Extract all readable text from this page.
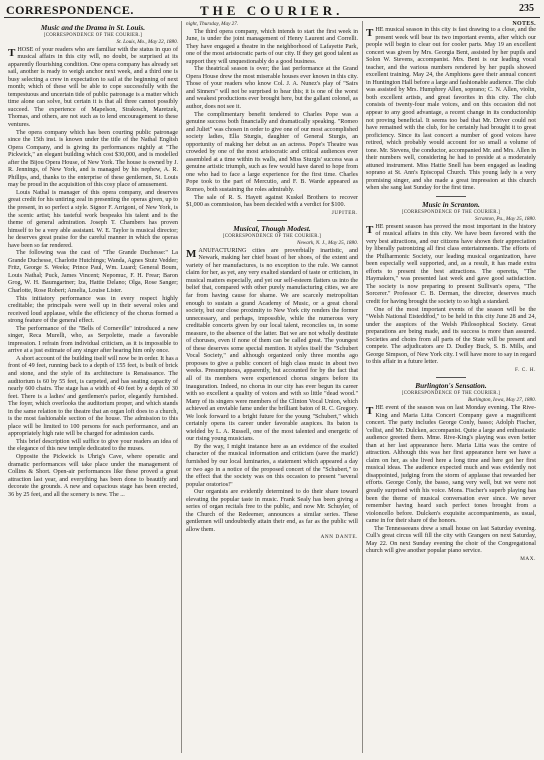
CORRESPONDENCE.	THE COURIER.	235
Music and the Drama in St. Louis.
[CORRESPONDENCE OF THE COURIER.]
St. Louis, Mo., May 22, 1880.

THOSE of your readers who are familiar with the status in quo of musical affairs in this city will, no doubt, be surprised at its apparently flourishing condition. One opera company has already set sail, another is ready to weigh anchor next week, and a third one is busy selecting a crew in expectation to sail at the beginning of next month; which of these will be able to cope successfully with the tempestuous and uncertain tide of public patronage is a matter which time alone can solve, but certain it is that all three cannot possibly succeed. The experience of Mapelson, Strakosch, Maretzek, Thomas, and others, are not such as to lend encouragement to these ventures.

The opera company which has been courting public patronage since the 15th inst. is known under the title of the Nathal English Opera Company, and is giving its performances nightly at "The Pickwick," an elegant building which cost $30,000, and is modelled after the Bijou Opera House, of New York. The house is owned by J. R. Jennings, of New York, and is managed by his nephew, A. R. Phillips, and, thanks to the enterprise of these gentlemen, St. Louis may be proud in the acquisition of this cosy place of amusement.

Louis Nathal is manager of this opera company, and deserves great credit for his untiring zeal in presenting the operas given, up to the present, in so perfect a style. Signor F. Arrigoni, of New York, is the scenic artist; his tasteful work bespeaks his talent and is the theme of general admiration. Joseph T. Chambers has proven himself to be a very able assistant. W. E. Taylor is musical director; he deserves great praise for the careful manner in which the operas have been so far rendered.

The following was the cast of "The Grande Duchesse:" La Grande Duchesse, Charlotte Hutchings; Wanda, Agnes Stutz Vedder; Fritz, George S. Weeks; Prince Paul, Wm. Luard; General Boum, Louis Nathal; Puck, James Vincent; Nepomuc, F. H. Frear; Baron Grog, W. H. Baumgartner; Iza, Hattie Delano; Olga, Rose Sanger; Charlotte, Rose Robert; Amelia, Louise Lister.

This initiatory performance was in every respect highly creditable; the principals were well up in their several roles and received loud applause, while the efficiency of the chorus formed a strong feature of the general effect.

The performance of the "Bells of Corneville" introduced a new singer, Reca Murelli, who, as Serpolette, made a favorable impression. I refrain from individual criticism, as it is impossible to arrive at a just estimate of any singer after hearing him only once.

A short account of the building itself will now be in order. It has a front of 49 feet, running back to a depth of 155 feet, is built of brick and stone, and the style of its architecture is Renaissance. The auditorium is 60 by 55 feet, is carpeted, and has seating capacity of nearly 600 chairs. The stage has a width of 40 feet by a depth of 30 feet. There is a ladies' and gentlemen's parlor, elegantly furnished. The foyer, which overlooks the auditorium proper, and which stands in the same relation to the theatre that an organ loft does to a church, is the most fashionable section of the house. The admission to this place will be limited to 100 persons for each performance, and an appropriately high rate will be charged for admission cards.

This brief description will suffice to give your readers an idea of the elegance of this new temple dedicated to the muses.

Opposite the Pickwick is Uhrig's Cave, where operatic and dramatic performances will take place under the management of Collins & Short. Open-air performances like these proved a great attraction last year, and everything has been done to beautify and decorate the grounds. A new and capacious stage has been erected, 36 by 25 feet, and all the scenery is new. The ...

night, Thursday, May 27.

The third opera company, which intends to start the first week in June, is under the joint management of Henry Laurent and Correlli. They have engaged a theatre in the neighborhood of Lafayette Park, one of the most aristocratic parts of our city. If they get good talent as support they will unquestionably do a good business.

The theatrical season is over; the last performance at the Grand Opera House drew the most miserable houses ever known in this city. Those of your readers who know Col. J. A. Nunez's play of "Sairs and Sinners" will not be surprised to hear this; it is one of the worst and weakest productions ever brought here, but the gallant colonel, as author, does not see it.

The complimentary benefit tendered to Charles Pope was a genuine success both financially and dramatically speaking. "Romeo and Juliet" was chosen in order to give one of our most accomplished society ladies, Ella Sturgis, daughter of General Sturgis, an opportunity of making her debut as an actress. Pope's Theatre was crowded by one of the most aristocratic and critical audiences ever assembled at a time within its walls, and Miss Sturgis' success was a genuine artistic triumph, such as few would have dared to hope from one who had to face a large experience for the first time. Charles Pope took to the part of Mercutio, and F. B. Warde appeared as Romeo, both sustaining the roles admirably.

The sale of R. S. Hayett against Kuskel Brothers to recover $1,000 as commission, has been decided with a verdict for $100.

JUPITER.
Musical, Though Modest.
[CORRESPONDENCE OF THE COURIER.]
Newark, N. J., May 25, 1880.

MANUFACTURING cities are proverbially inartistic, and Newark, making her chief boast of her shoes, of the extent and variety of her manufactures, is no exception to the rule. We cannot claim for her, as yet, any very exalted standard of taste or criticism, in musical matters especially, and yet our self-esteem flatters us into the belief that, compared with other purely manufacturing cities, we are far from having cause for shame. We are scarcely metropolitan enough to sustain a grand Academy of Music, or a great choral society, but our close proximity to New York city renders the former unnecessary, and perhaps, impossible, while the numerous very creditable concerts given by our local talent, reconciles us, in some measure, to the absence of the latter. But we are not wholly destitute of choruses, even if none of them can be called great. The youngest of these deserves some special mention. It styles itself the "Schubert Vocal Society," and although organized only three months ago proposes to give a public concert of high class music in about two weeks. Presumptuous, apparently, but accounted for by the fact that all of its members were experienced chorus singers before its inauguration. Indeed, no chorus in our city has ever begun its career with so excellent a quality of voices and with so little "dead wood." Many of its singers were members of the Clinton Vocal Union, which achieved an enviable fame under the brilliant baton of R. C. Gregory. We look forward to a bright future for the young "Schubert," which certainly opens its career under favorable auspices. Its baton is wielded by L. A. Russell, one of the most talented and energetic of our rising young musicians.

By the way, I might instance here as an evidence of the exalted character of the musical information and criticism (save the mark!) furnished by our local luminaries, a statement which appeared a day or two ago in a notice of the proposed concert of the "Schubert," to the effect that the society was on this occasion to present "several popular oratorios!"

Our organists are evidently determined to do their share toward elevating the popular taste in music. Frank Sealy has been giving a series of organ recitals free to the public, and now Mr. Schuyler, of the Church of the Redeemer, announces a similar series. These gentlemen will undoubtedly attain their end, as far as the public will allow them.

ANN DANTE.
NOTES.

THE musical season in this city is fast drawing to a close, and the present week will bear its two important events, after which our people will begin to clear out for cooler parts. May 19 an excellent concert was given by Mrs. Georgia Bent, assisted by her pupils and Solon W. Stevens, accompanist. Mrs. Bent is our leading vocal teacher, and the various numbers rendered by her pupils showed excellent training. May 24, the Amphions gave their annual concert in Huntington Hall before a large and fashionable audience. The club was assisted by Mrs. Humphrey Allen, soprano; C. N. Allen, violin, both excellent artists, and great favorites in this city. The club consists of twenty-four male voices, and on this occasion did not appear to any good advantage, a recent change in its conductorship not proving beneficial. It seems too bad that Mr. Driver could not have remained with the club, for he certainly had brought it to great proficiency. Since its last concert a number of good voices have retired, which probably would account for so small a volume of tone. Mr. Stevens, the conductor, accompanied Mr. and Mrs. Allen in their numbers well, considering he had to preside at a moderately attuned instrument. Miss Hattie Snell has been engaged as leading soprano at St. Ann's Episcopal Church. This young lady is a very promising singer, and she made a great impression at this church when she sang last Sunday for the first time.

Music in Scranton.
[CORRESPONDENCE OF THE COURIER.]
Scranton, Pa., May 25, 1880.

THE present season has proved the most important in the history of musical affairs in this city. We have been favored with the very best attractions, and our citizens have shown their appreciation by liberally patronizing all first class entertainments. The efforts of the Philharmonic Society, our leading musical organization, have been especially well supported, and, as a result, it has made extra efforts to present the best attractions. The operetta, "The Haymakers," was presented last week and gave good satisfaction. The society is now preparing to present Sullivan's opera, "The Sorcerer." Professor C. B. Derman, the director, deserves much credit for having brought the society to so high a standard.

One of the most important events of the season will be the "Welsh National Eisteddfod," to be held in this city June 28 and 24, under the auspices of the Welsh Philosophical Society. Great preparations are being made, and its success is more than assured. Societies and choirs from all parts of the State will be present and compete. The adjudicators are D. Dudley Buck, S. B. Mills, and George Simpson, of New York city. I will have more to say in regard to this affair in a future letter.

F. C. H.
Burlington's Sensation.
[CORRESPONDENCE OF THE COURIER.]
Burlington, Iowa, May 27, 1880.

THE event of the season was on last Monday evening. The Rive-King and Maria Litta Concert Company gave a magnificent concert. The party includes George Conly, basso; Adolph Fischer, 'cellist, and Mr. Dulcken, accompanist. Quite a large and enthusiastic audience greeted them. Mme. Rive-King's playing was even better than at her last appearance here. Maria Litta was the centre of attraction. Although this was her first appearance here we have a claim on her, as she lived here a long time and here got her first musical ideas. The audience expected much and was evidently not disappointed, judging from the storm of applause that rewarded her efforts. George Conly, the basso, sang very well, but we were not greatly surprised with his voice. Mons. Fischer's superb playing has been the theme of musical conversation ever since. We never remember having heard such perfect tones brought from a violoncello before. Dulcken's exquisite accompaniments, as usual, came in for their share of the honors.

The Tennesseeans drew a small house on last Saturday evening. Cull's great circus will fill the city with Grangers on next Saturday, May 22. On next Sunday evening the choir of the Congregational church will give another popular piano service.

MAX.
